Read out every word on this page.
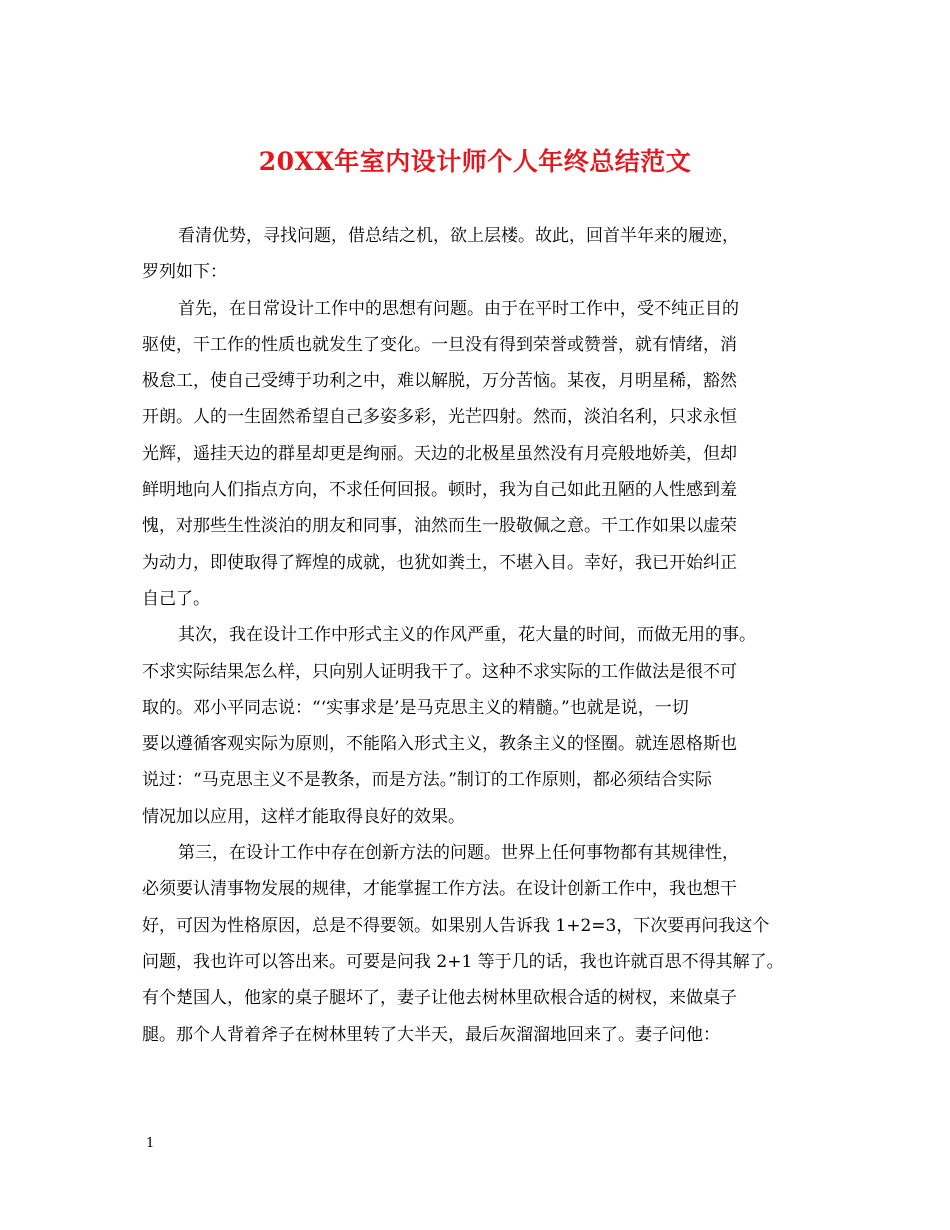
20XX年室内设计师个人年终总结范文
看清优势，寻找问题，借总结之机，欲上层楼。故此，回首半年来的履迹，
罗列如下：
首先，在日常设计工作中的思想有问题。由于在平时工作中，受不纯正目的
驱使，干工作的性质也就发生了变化。一旦没有得到荣誉或赞誉，就有情绪，消
极怠工，使自己受缚于功利之中，难以解脱，万分苦恼。某夜，月明星稀，豁然
开朗。人的一生固然希望自己多姿多彩，光芒四射。然而，淡泊名利，只求永恒
光辉，遥挂天边的群星却更是绚丽。天边的北极星虽然没有月亮般地娇美，但却
鲜明地向人们指点方向，不求任何回报。顿时，我为自己如此丑陋的人性感到羞
愧，对那些生性淡泊的朋友和同事，油然而生一股敬佩之意。干工作如果以虚荣
为动力，即使取得了辉煌的成就，也犹如粪土，不堪入目。幸好，我已开始纠正
自己了。
其次，我在设计工作中形式主义的作风严重，花大量的时间，而做无用的事。
不求实际结果怎么样，只向别人证明我干了。这种不求实际的工作做法是很不可
取的。邓小平同志说：“‘实事求是’是马克思主义的精髓。”也就是说，一切
要以遵循客观实际为原则，不能陷入形式主义，教条主义的怪圈。就连恩格斯也
说过：“马克思主义不是教条，而是方法。”制订的工作原则，都必须结合实际
情况加以应用，这样才能取得良好的效果。
第三，在设计工作中存在创新方法的问题。世界上任何事物都有其规律性，
必须要认清事物发展的规律，才能掌握工作方法。在设计创新工作中，我也想干
好，可因为性格原因，总是不得要领。如果别人告诉我 1+2=3，下次要再问我这个
问题，我也许可以答出来。可要是问我 2+1 等于几的话，我也许就百思不得其解了。
有个楚国人，他家的桌子腿坏了，妻子让他去树林里砍根合适的树杈，来做桌子
腿。那个人背着斧子在树林里转了大半天，最后灰溜溜地回来了。妻子问他：
1
